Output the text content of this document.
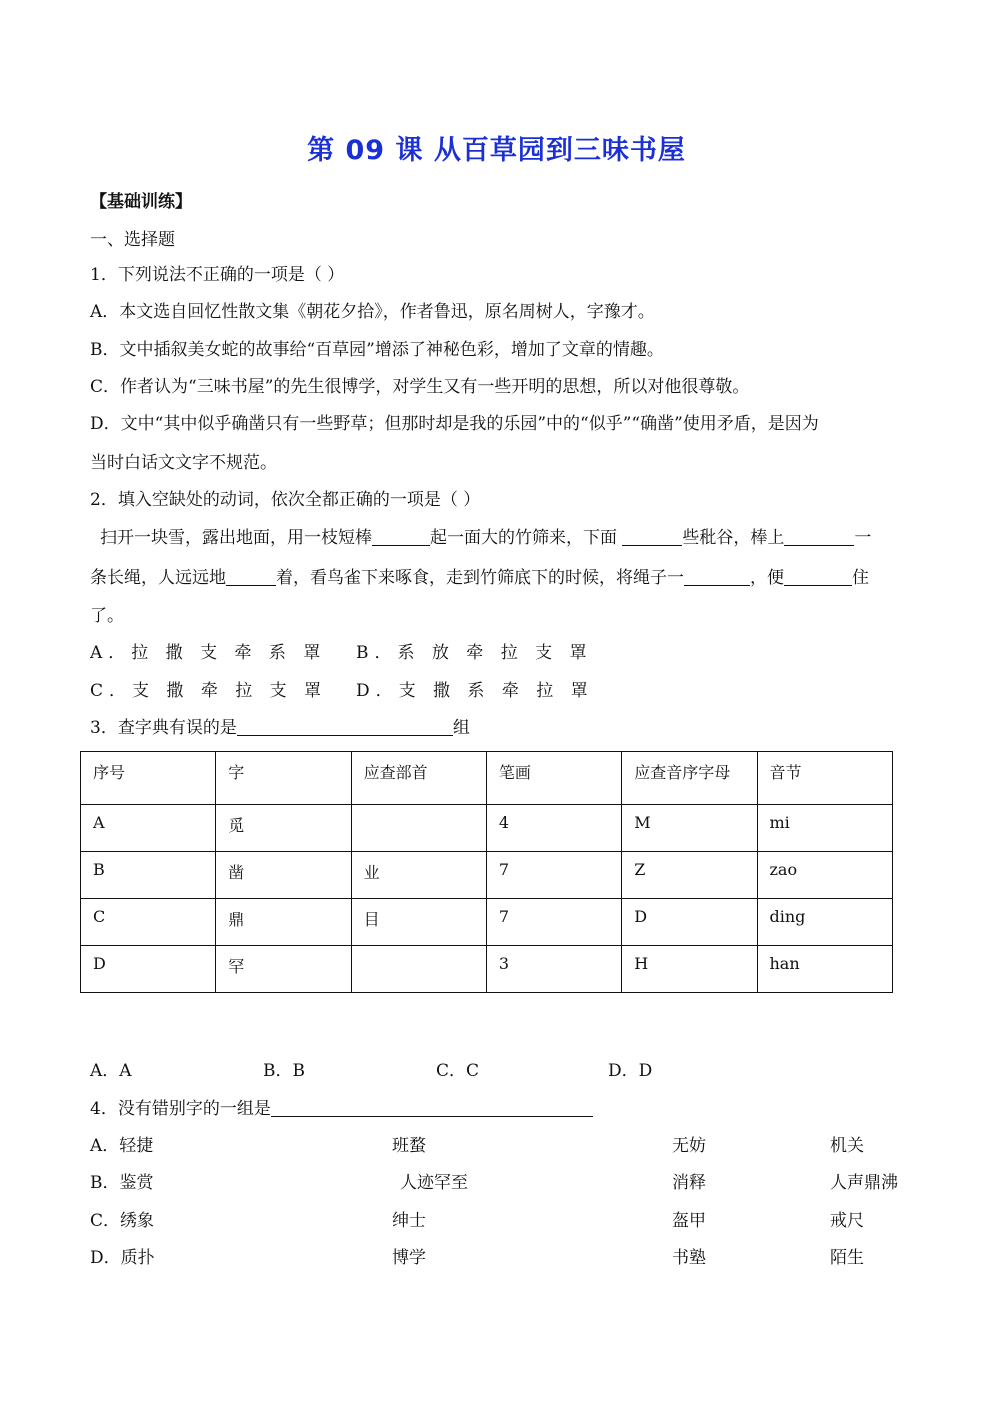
第 09 课 从百草园到三味书屋
【基础训练】
一、选择题
1．下列说法不正确的一项是（ ）
A．本文选自回忆性散文集《朝花夕拾》，作者鲁迅，原名周树人，字豫才。
B．文中插叙美女蛇的故事给“百草园”增添了神秘色彩，增加了文章的情趣。
C．作者认为“三味书屋”的先生很博学，对学生又有一些开明的思想，所以对他很尊敬。
D．文中“其中似乎确凿只有一些野草；但那时却是我的乐园”中的“似乎”“确凿”使用矛盾，是因为
当时白话文文字不规范。
2．填入空缺处的动词，依次全都正确的一项是（ ）
扫开一块雪，露出地面，用一枝短棒	起一面大的竹筛来，下面	些秕谷，棒上	一
条长绳，人远远地	着，看鸟雀下来啄食，走到竹筛底下的时候，将绳子一	，便	住
了。
A．拉 撒 支 牵 系 罩 B．系 放 牵 拉 支 罩
C．支 撒 牵 拉 支 罩 D．支 撒 系 牵 拉 罩
3．查字典有误的是	组
序号	字	应查部首	笔画	应查音序字母	音节
A	觅		4	M	mi
B	凿	业	7	Z	zao
C	鼎	目	7	D	ding
D	罕		3	H	han
A．A	B．B	C．C	D．D
4．没有错别字的一组是
A．轻捷	班蝥	无妨	机关
B．鉴赏	人迹罕至	消释	人声鼎沸
C．绣象	绅士	盔甲	戒尺
D．质扑	博学	书塾	陌生
